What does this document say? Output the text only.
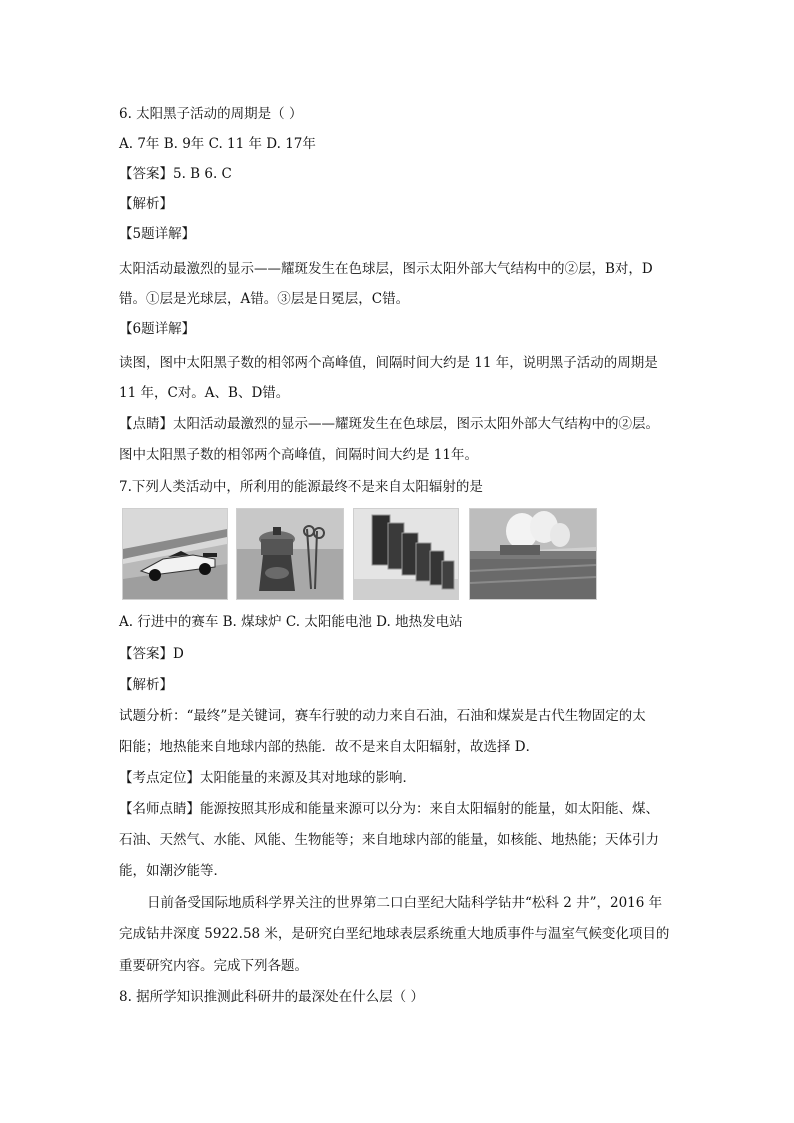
6. 太阳黑子活动的周期是（ ）
A. 7年 B. 9年 C. 11 年 D. 17年
【答案】5. B 6. C
【解析】
【5题详解】
太阳活动最激烈的显示——耀斑发生在色球层，图示太阳外部大气结构中的②层，B对，D
错。①层是光球层，A错。③层是日冕层，C错。
【6题详解】
读图，图中太阳黑子数的相邻两个高峰值，间隔时间大约是 11 年，说明黑子活动的周期是
11 年，C对。A、B、D错。
【点睛】太阳活动最激烈的显示——耀斑发生在色球层，图示太阳外部大气结构中的②层。
图中太阳黑子数的相邻两个高峰值，间隔时间大约是 11年。
7.下列人类活动中，所利用的能源最终不是来自太阳辐射的是
A. 行进中的赛车 B. 煤球炉 C. 太阳能电池 D. 地热发电站
【答案】D
【解析】
试题分析：“最终”是关键词，赛车行驶的动力来自石油，石油和煤炭是古代生物固定的太
阳能；地热能来自地球内部的热能．故不是来自太阳辐射，故选择 D．
【考点定位】太阳能量的来源及其对地球的影响．
【名师点睛】能源按照其形成和能量来源可以分为：来自太阳辐射的能量，如太阳能、煤、
石油、天然气、水能、风能、生物能等；来自地球内部的能量，如核能、地热能；天体引力
能，如潮汐能等．
日前备受国际地质科学界关注的世界第二口白垩纪大陆科学钻井“松科 2 井”，2016 年
完成钻井深度 5922.58 米，是研究白垩纪地球表层系统重大地质事件与温室气候变化项目的
重要研究内容。完成下列各题。
8. 据所学知识推测此科研井的最深处在什么层（ ）
